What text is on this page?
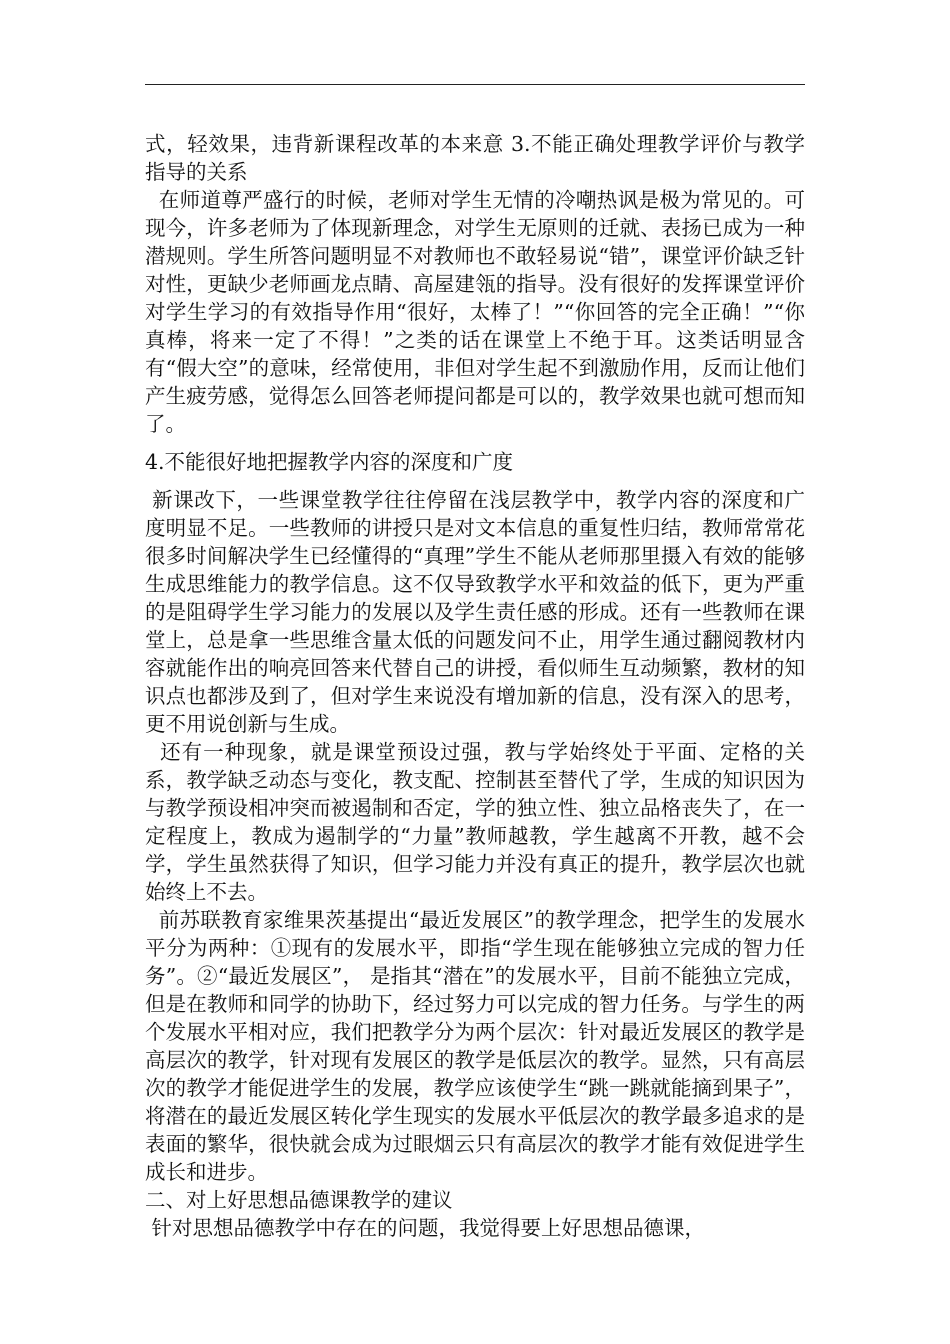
式，轻效果，违背新课程改革的本来意 3.不能正确处理教学评价与教学指导的关系

在师道尊严盛行的时候，老师对学生无情的冷嘲热讽是极为常见的。可现今，许多老师为了体现新理念，对学生无原则的迁就、表扬已成为一种潜规则。学生所答问题明显不对教师也不敢轻易说“错”，课堂评价缺乏针对性，更缺少老师画龙点睛、高屋建瓴的指导。没有很好的发挥课堂评价对学生学习的有效指导作用“很好，太棒了！”“你回答的完全正确！”“你真棒，将来一定了不得！”之类的话在课堂上不绝于耳。这类话明显含有“假大空”的意味，经常使用，非但对学生起不到激励作用，反而让他们产生疲劳感，觉得怎么回答老师提问都是可以的，教学效果也就可想而知了。

4.不能很好地把握教学内容的深度和广度

新课改下，一些课堂教学往往停留在浅层教学中，教学内容的深度和广度明显不足。一些教师的讲授只是对文本信息的重复性归结，教师常常花很多时间解决学生已经懂得的“真理”学生不能从老师那里摄入有效的能够生成思维能力的教学信息。这不仅导致教学水平和效益的低下，更为严重的是阻碍学生学习能力的发展以及学生责任感的形成。还有一些教师在课堂上，总是拿一些思维含量太低的问题发问不止，用学生通过翻阅教材内容就能作出的响亮回答来代替自己的讲授，看似师生互动频繁，教材的知识点也都涉及到了，但对学生来说没有增加新的信息，没有深入的思考， 更不用说创新与生成。

还有一种现象，就是课堂预设过强，教与学始终处于平面、定格的关系，教学缺乏动态与变化，教支配、控制甚至替代了学，生成的知识因为与教学预设相冲突而被遏制和否定，学的独立性、独立品格丧失了，在一定程度上，教成为遏制学的“力量”教师越教，学生越离不开教，越不会学，学生虽然获得了知识，但学习能力并没有真正的提升，教学层次也就始终上不去。

前苏联教育家维果茨基提出“最近发展区”的教学理念，把学生的发展水平分为两种：①现有的发展水平，即指“学生现在能够独立完成的智力任务”。②“最近发展区”， 是指其“潜在”的发展水平，目前不能独立完成，但是在教师和同学的协助下，经过努力可以完成的智力任务。与学生的两个发展水平相对应，我们把教学分为两个层次：针对最近发展区的教学是高层次的教学，针对现有发展区的教学是低层次的教学。显然，只有高层次的教学才能促进学生的发展，教学应该使学生“跳一跳就能摘到果子”，将潜在的最近发展区转化学生现实的发展水平低层次的教学最多追求的是表面的繁华，很快就会成为过眼烟云只有高层次的教学才能有效促进学生成长和进步。

二、对上好思想品德课教学的建议

针对思想品德教学中存在的问题，我觉得要上好思想品德课，
